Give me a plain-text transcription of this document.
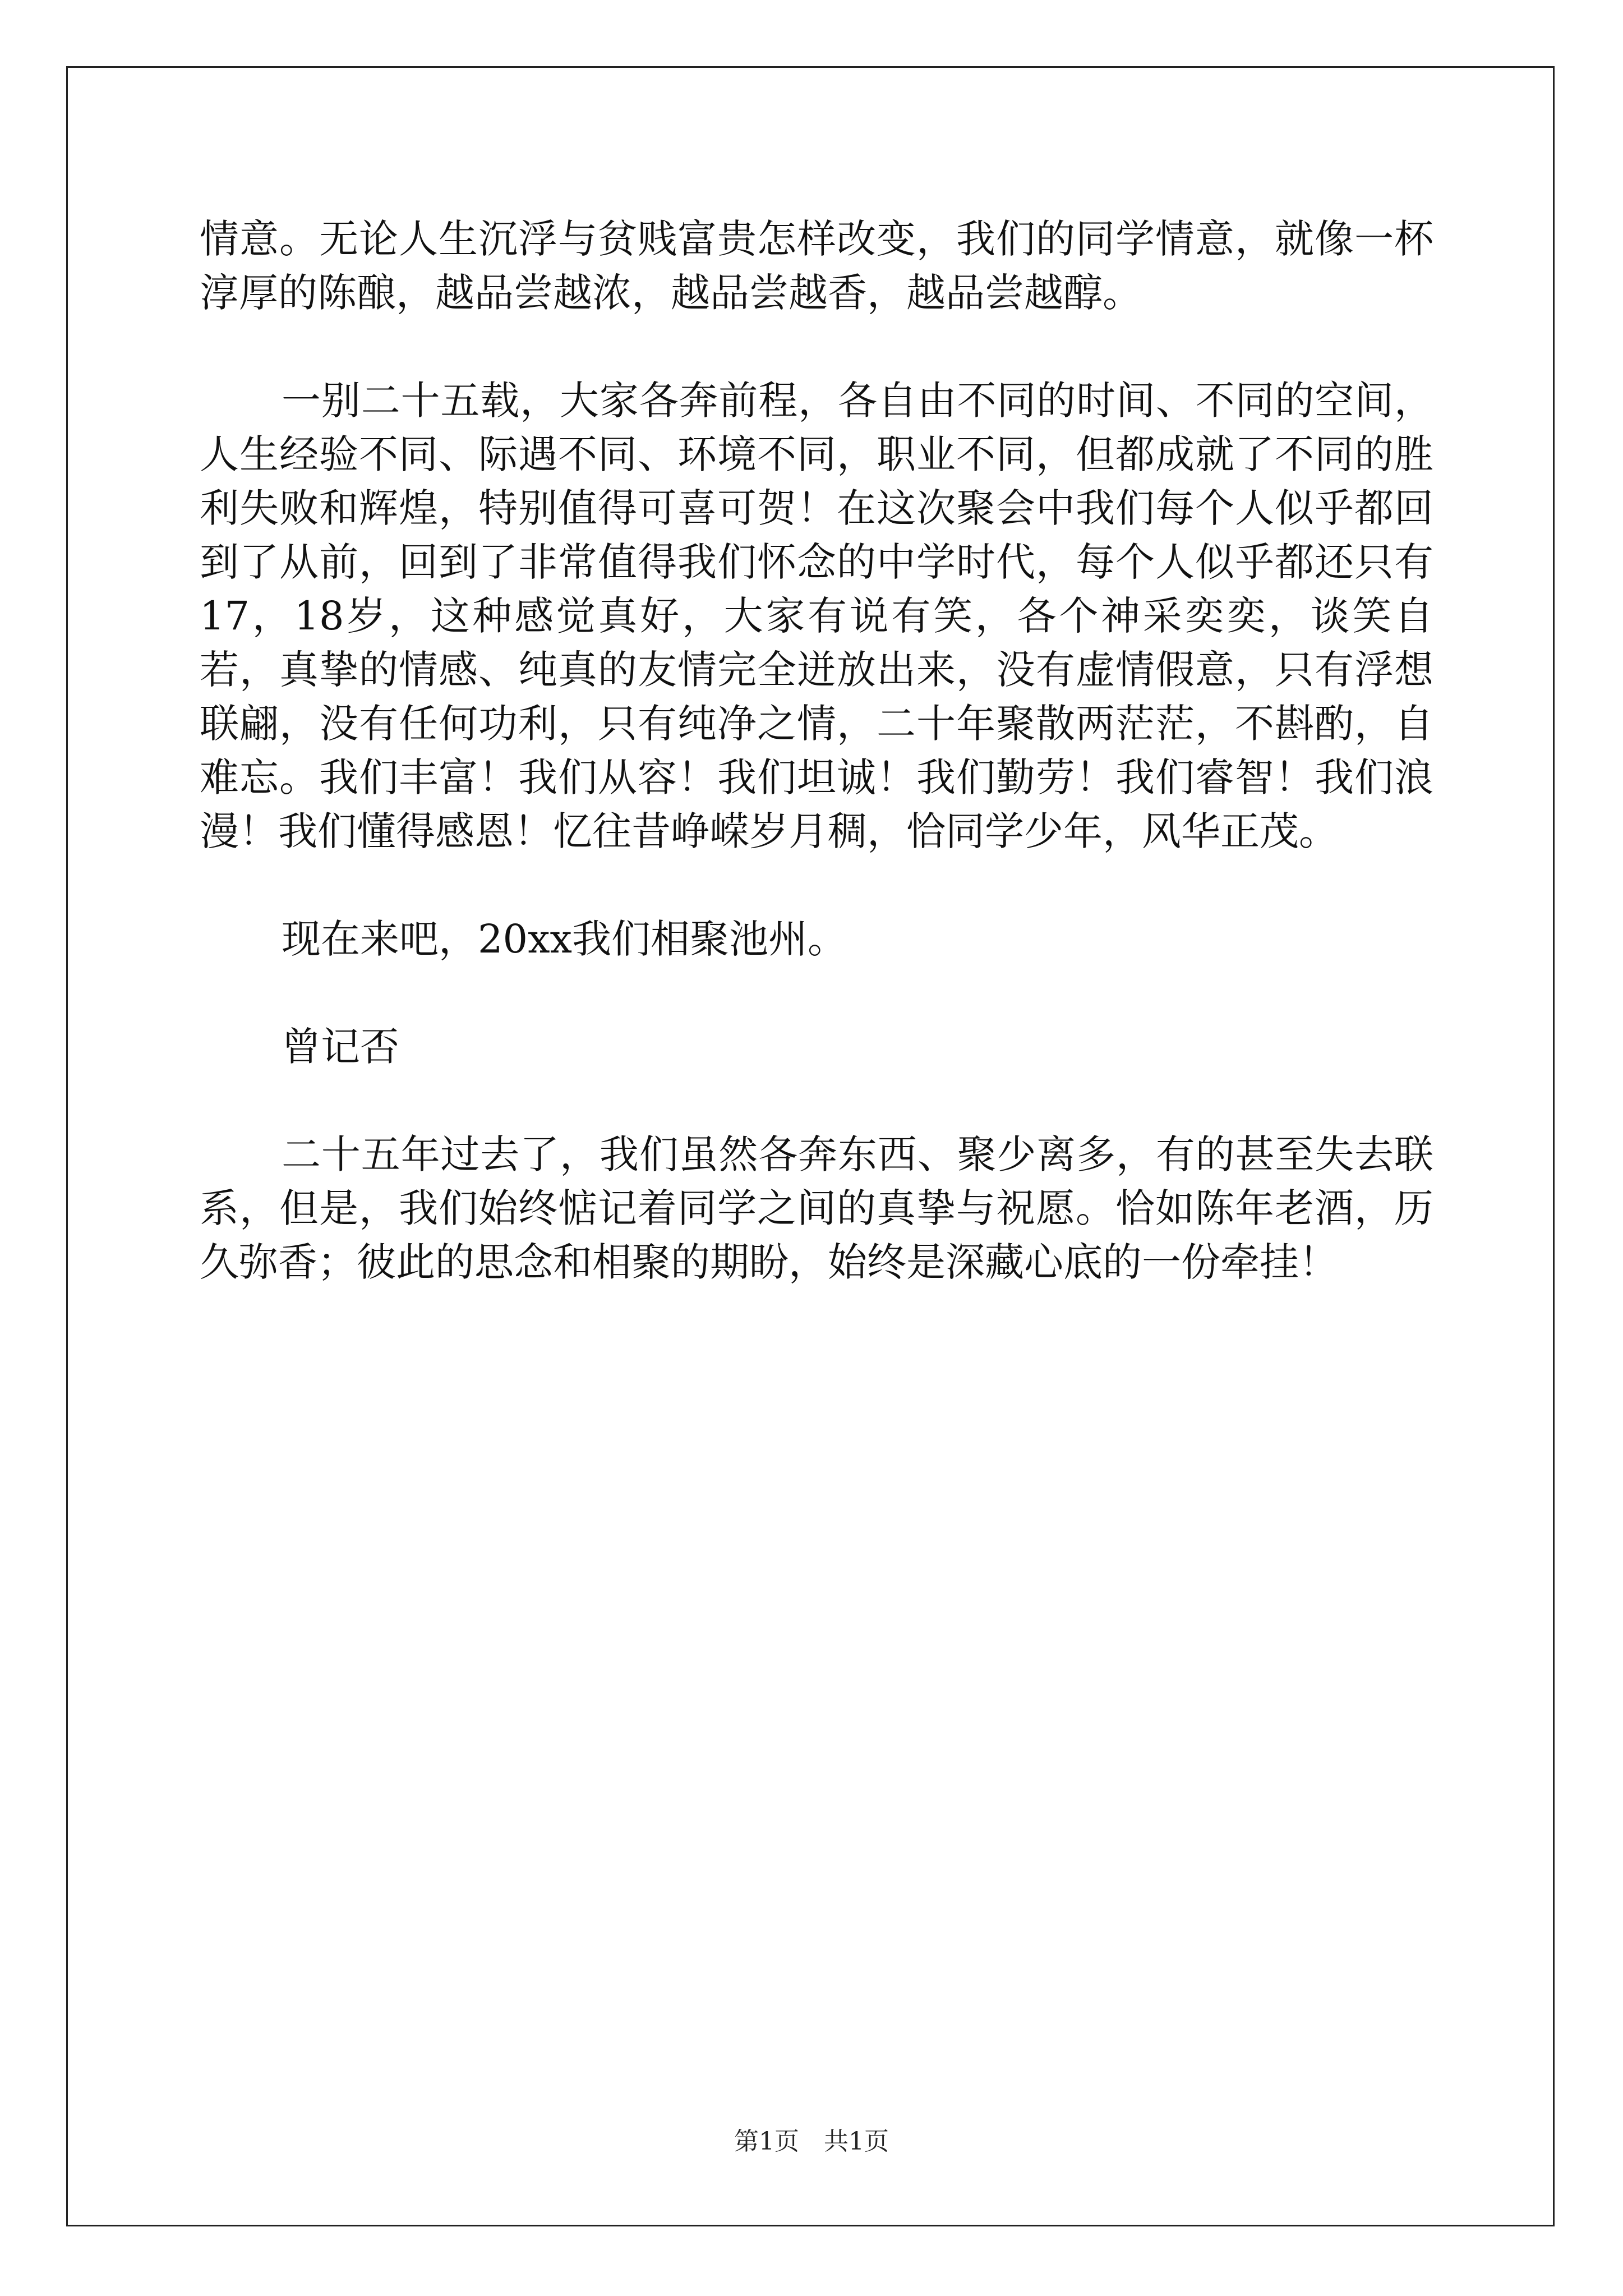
情意。无论人生沉浮与贫贱富贵怎样改变，我们的同学情意，就像一杯淳厚的陈酿，越品尝越浓，越品尝越香，越品尝越醇。

一别二十五载，大家各奔前程，各自由不同的时间、不同的空间，人生经验不同、际遇不同、环境不同，职业不同，但都成就了不同的胜利失败和辉煌，特别值得可喜可贺！在这次聚会中我们每个人似乎都回到了从前，回到了非常值得我们怀念的中学时代，每个人似乎都还只有17，18岁，这种感觉真好，大家有说有笑，各个神采奕奕，谈笑自若，真挚的情感、纯真的友情完全迸放出来，没有虚情假意，只有浮想联翩，没有任何功利，只有纯净之情，二十年聚散两茫茫，不斟酌，自难忘。我们丰富！我们从容！我们坦诚！我们勤劳！我们睿智！我们浪漫！我们懂得感恩！忆往昔峥嵘岁月稠，恰同学少年，风华正茂。

现在来吧，20xx我们相聚池州。

曾记否

二十五年过去了，我们虽然各奔东西、聚少离多，有的甚至失去联系，但是，我们始终惦记着同学之间的真挚与祝愿。恰如陈年老酒，历久弥香；彼此的思念和相聚的期盼，始终是深藏心底的一份牵挂！

第1页　共1页
